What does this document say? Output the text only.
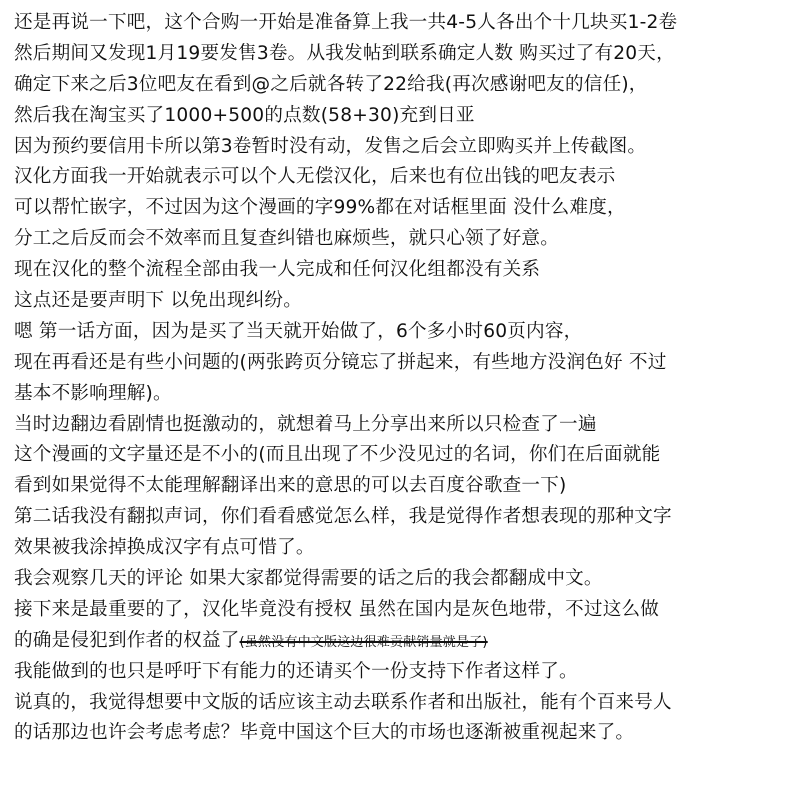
还是再说一下吧，这个合购一开始是准备算上我一共4-5人各出个十几块买1-2卷
然后期间又发现1月19要发售3卷。从我发帖到联系确定人数 购买过了有20天，
确定下来之后3位吧友在看到@之后就各转了22给我(再次感谢吧友的信任)，
然后我在淘宝买了1000+500的点数(58+30)充到日亚
因为预约要信用卡所以第3卷暂时没有动，发售之后会立即购买并上传截图。
汉化方面我一开始就表示可以个人无偿汉化，后来也有位出钱的吧友表示
可以帮忙嵌字，不过因为这个漫画的字99%都在对话框里面 没什么难度，
分工之后反而会不效率而且复查纠错也麻烦些，就只心领了好意。
现在汉化的整个流程全部由我一人完成和任何汉化组都没有关系
这点还是要声明下 以免出现纠纷。
嗯 第一话方面，因为是买了当天就开始做了，6个多小时60页内容，
现在再看还是有些小问题的(两张跨页分镜忘了拼起来，有些地方没润色好 不过
基本不影响理解)。
当时边翻边看剧情也挺激动的，就想着马上分享出来所以只检查了一遍
这个漫画的文字量还是不小的(而且出现了不少没见过的名词，你们在后面就能
看到如果觉得不太能理解翻译出来的意思的可以去百度谷歌查一下)
第二话我没有翻拟声词，你们看看感觉怎么样，我是觉得作者想表现的那种文字
效果被我涂掉换成汉字有点可惜了。
我会观察几天的评论 如果大家都觉得需要的话之后的我会都翻成中文。
接下来是最重要的了，汉化毕竟没有授权 虽然在国内是灰色地带，不过这么做
的确是侵犯到作者的权益了(虽然没有中文版这边很难贡献销量就是了)
我能做到的也只是呼吁下有能力的还请买个一份支持下作者这样了。
说真的，我觉得想要中文版的话应该主动去联系作者和出版社，能有个百来号人
的话那边也许会考虑考虑？毕竟中国这个巨大的市场也逐渐被重视起来了。
